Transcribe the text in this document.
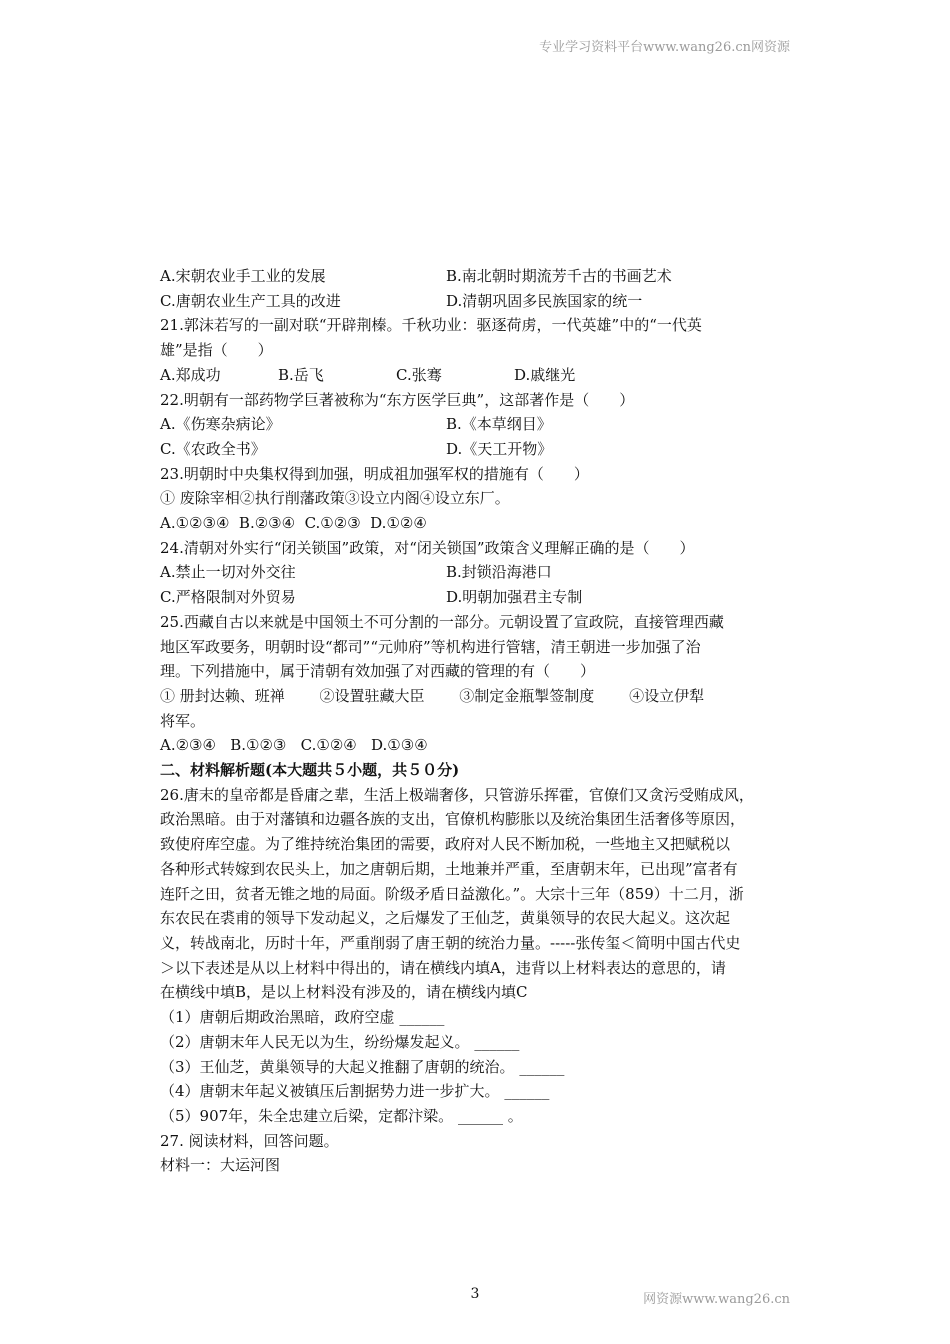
专业学习资料平台www.wang26.cn网资源
A.宋朝农业手工业的发展	B.南北朝时期流芳千古的书画艺术
C.唐朝农业生产工具的改进	D.清朝巩固多民族国家的统一
21.郭沫若写的一副对联“开辟荆榛。千秋功业：驱逐荷虏，一代英雄”中的“一代英
雄”是指（　　）
A.郑成功	B.岳飞	C.张骞	D.戚继光
22.明朝有一部药物学巨著被称为“东方医学巨典”，这部著作是（　　）
A.《伤寒杂病论》	B.《本草纲目》
C.《农政全书》	D.《天工开物》
23.明朝时中央集权得到加强，明成祖加强军权的措施有（　　）
① 废除宰相②执行削藩政策③设立内阁④设立东厂。
A.①②③④  B.②③④  C.①②③  D.①②④
24.清朝对外实行“闭关锁国”政策，对“闭关锁国”政策含义理解正确的是（　　）
A.禁止一切对外交往	B.封锁沿海港口
C.严格限制对外贸易	D.明朝加强君主专制
25.西藏自古以来就是中国领土不可分割的一部分。元朝设置了宣政院，直接管理西藏
地区军政要务，明朝时设“都司”“元帅府”等机构进行管辖，清王朝进一步加强了治
理。下列措施中，属于清朝有效加强了对西藏的管理的有（　　）
① 册封达赖、班禅　　 ②设置驻藏大臣　　 ③制定金瓶掣签制度　　 ④设立伊犁
将军。
A.②③④   B.①②③   C.①②④   D.①③④
二、材料解析题(本大题共５小题，共５０分)
26.唐末的皇帝都是昏庸之辈，生活上极端奢侈，只管游乐挥霍，官僚们又贪污受贿成风，
政治黑暗。由于对藩镇和边疆各族的支出，官僚机构膨胀以及统治集团生活奢侈等原因，
致使府库空虚。为了维持统治集团的需要，政府对人民不断加税，一些地主又把赋税以
各种形式转嫁到农民头上，加之唐朝后期，土地兼并严重，至唐朝末年，已出现”富者有
连阡之田，贫者无锥之地的局面。阶级矛盾日益激化。”。大宗十三年（859）十二月，浙
东农民在裘甫的领导下发动起义，之后爆发了王仙芝，黄巢领导的农民大起义。这次起
义，转战南北，历时十年，严重削弱了唐王朝的统治力量。-----张传玺＜简明中国古代史
＞以下表述是从以上材料中得出的，请在横线内填A，违背以上材料表达的意思的，请
在横线中填B，是以上材料没有涉及的，请在横线内填C
（1）唐朝后期政治黑暗，政府空虚 ______
（2）唐朝末年人民无以为生，纷纷爆发起义。 ______
（3）王仙芝，黄巢领导的大起义推翻了唐朝的统治。 ______
（4）唐朝末年起义被镇压后割据势力进一步扩大。 ______
（5）907年，朱全忠建立后梁，定都汴梁。 ______ 。
27. 阅读材料，回答问题。
材料一：大运河图
3	网资源www.wang26.cn
